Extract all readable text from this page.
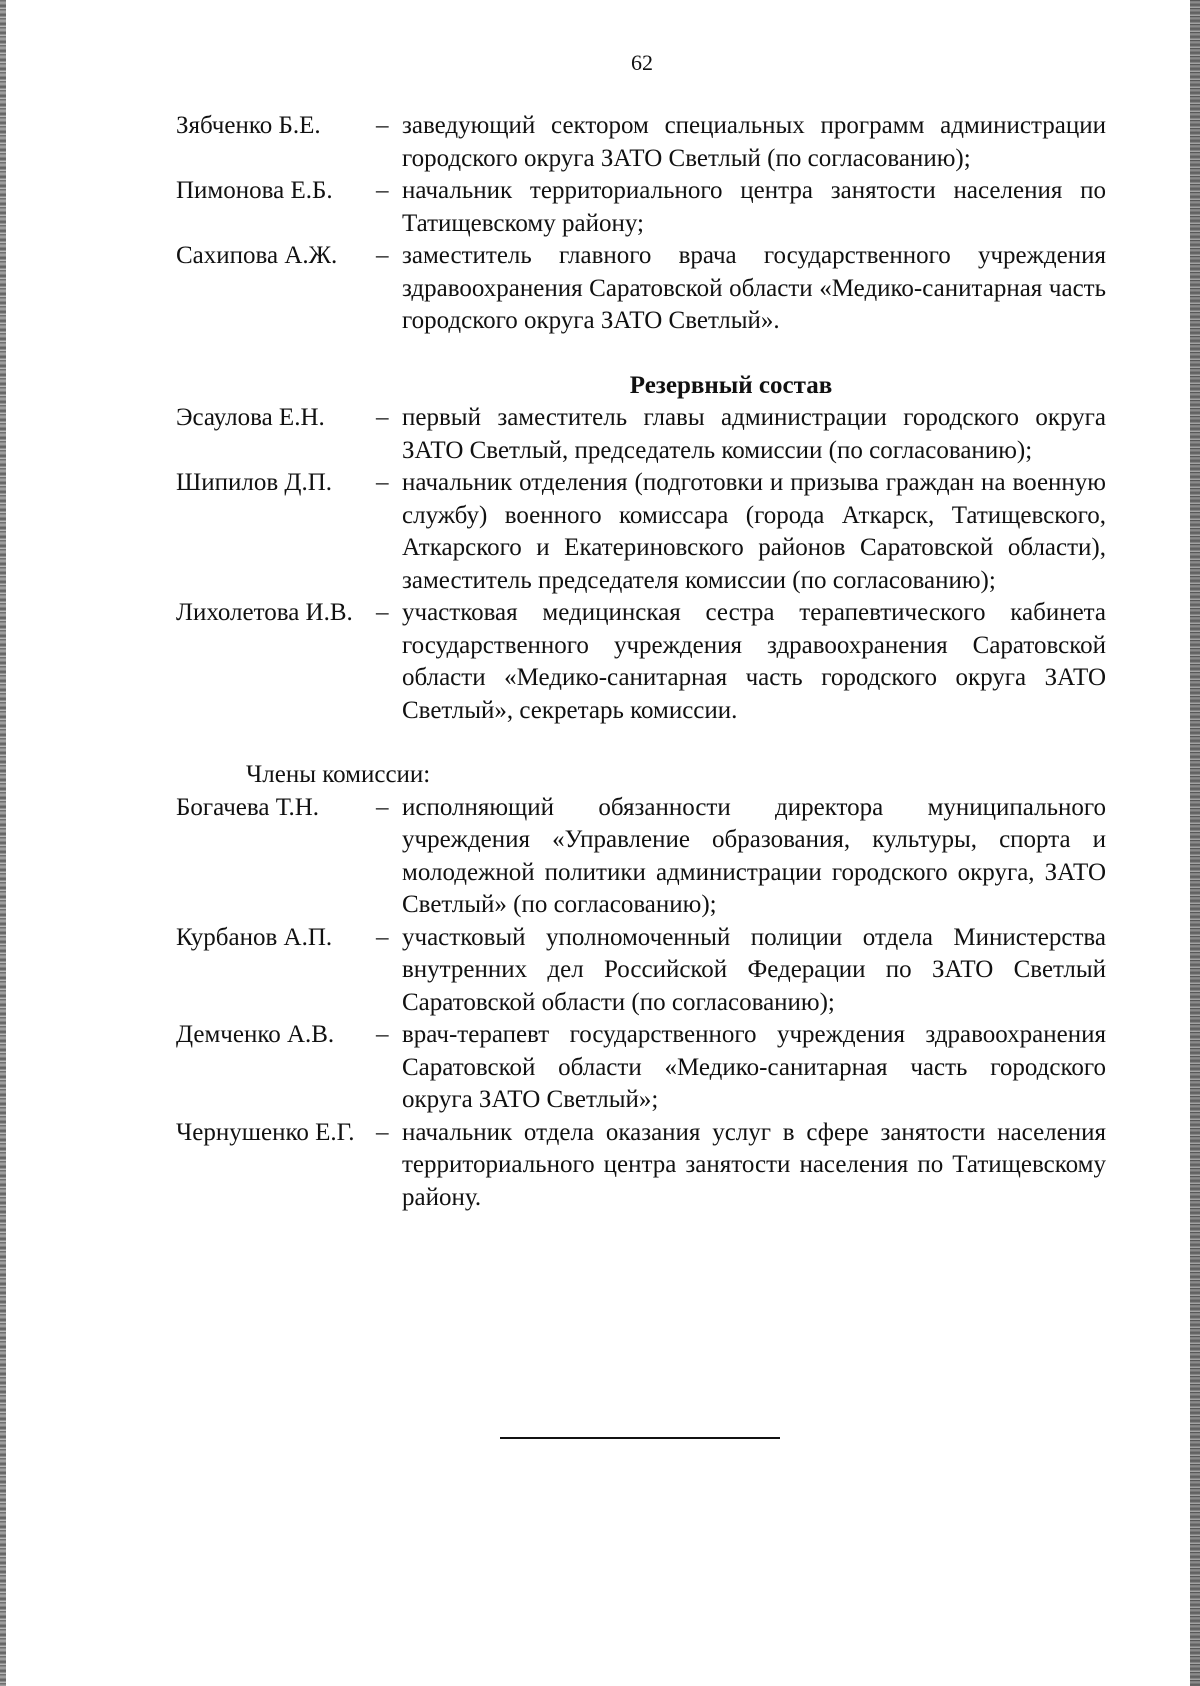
62
Зябченко Б.Е.	– заведующий сектором специальных программ администрации городского округа ЗАТО Светлый (по согласованию);
Пимонова Е.Б.	– начальник территориального центра занятости населения по Татищевскому району;
Сахипова А.Ж.	– заместитель главного врача государственного учреждения здравоохранения Саратовской области «Медико-санитарная часть городского округа ЗАТО Светлый».
Резервный состав
Эсаулова Е.Н.	– первый заместитель главы администрации городского округа ЗАТО Светлый, председатель комиссии (по согласованию);
Шипилов Д.П.	– начальник отделения (подготовки и призыва граждан на военную службу) военного комиссара (города Аткарск, Татищевского, Аткарского и Екатериновского районов Саратовской области), заместитель председателя комиссии (по согласованию);
Лихолетова И.В. – участковая медицинская сестра терапевтического кабинета государственного учреждения здравоохранения Саратовской области «Медико-санитарная часть городского округа ЗАТО Светлый», секретарь комиссии.
Члены комиссии:
Богачева Т.Н.	– исполняющий обязанности директора муниципального учреждения «Управление образования, культуры, спорта и молодежной политики администрации городского округа, ЗАТО Светлый» (по согласованию);
Курбанов А.П.	– участковый уполномоченный полиции отдела Министерства внутренних дел Российской Федерации по ЗАТО Светлый Саратовской области (по согласованию);
Демченко А.В.	– врач-терапевт государственного учреждения здравоохранения Саратовской области «Медико-санитарная часть городского округа ЗАТО Светлый»;
Чернушенко Е.Г. – начальник отдела оказания услуг в сфере занятости населения территориального центра занятости населения по Татищевскому району.
